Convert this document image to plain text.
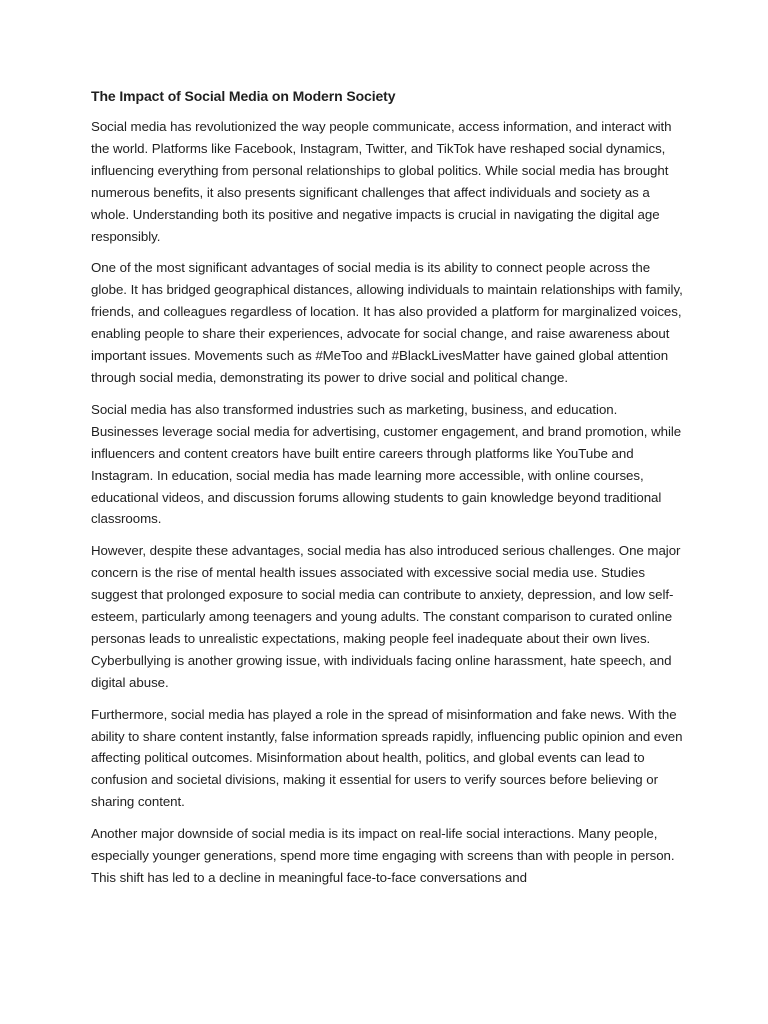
The Impact of Social Media on Modern Society

Social media has revolutionized the way people communicate, access information, and interact with the world. Platforms like Facebook, Instagram, Twitter, and TikTok have reshaped social dynamics, influencing everything from personal relationships to global politics. While social media has brought numerous benefits, it also presents significant challenges that affect individuals and society as a whole. Understanding both its positive and negative impacts is crucial in navigating the digital age responsibly.

One of the most significant advantages of social media is its ability to connect people across the globe. It has bridged geographical distances, allowing individuals to maintain relationships with family, friends, and colleagues regardless of location. It has also provided a platform for marginalized voices, enabling people to share their experiences, advocate for social change, and raise awareness about important issues. Movements such as #MeToo and #BlackLivesMatter have gained global attention through social media, demonstrating its power to drive social and political change.

Social media has also transformed industries such as marketing, business, and education. Businesses leverage social media for advertising, customer engagement, and brand promotion, while influencers and content creators have built entire careers through platforms like YouTube and Instagram. In education, social media has made learning more accessible, with online courses, educational videos, and discussion forums allowing students to gain knowledge beyond traditional classrooms.

However, despite these advantages, social media has also introduced serious challenges. One major concern is the rise of mental health issues associated with excessive social media use. Studies suggest that prolonged exposure to social media can contribute to anxiety, depression, and low self-esteem, particularly among teenagers and young adults. The constant comparison to curated online personas leads to unrealistic expectations, making people feel inadequate about their own lives. Cyberbullying is another growing issue, with individuals facing online harassment, hate speech, and digital abuse.

Furthermore, social media has played a role in the spread of misinformation and fake news. With the ability to share content instantly, false information spreads rapidly, influencing public opinion and even affecting political outcomes. Misinformation about health, politics, and global events can lead to confusion and societal divisions, making it essential for users to verify sources before believing or sharing content.

Another major downside of social media is its impact on real-life social interactions. Many people, especially younger generations, spend more time engaging with screens than with people in person. This shift has led to a decline in meaningful face-to-face conversations and
